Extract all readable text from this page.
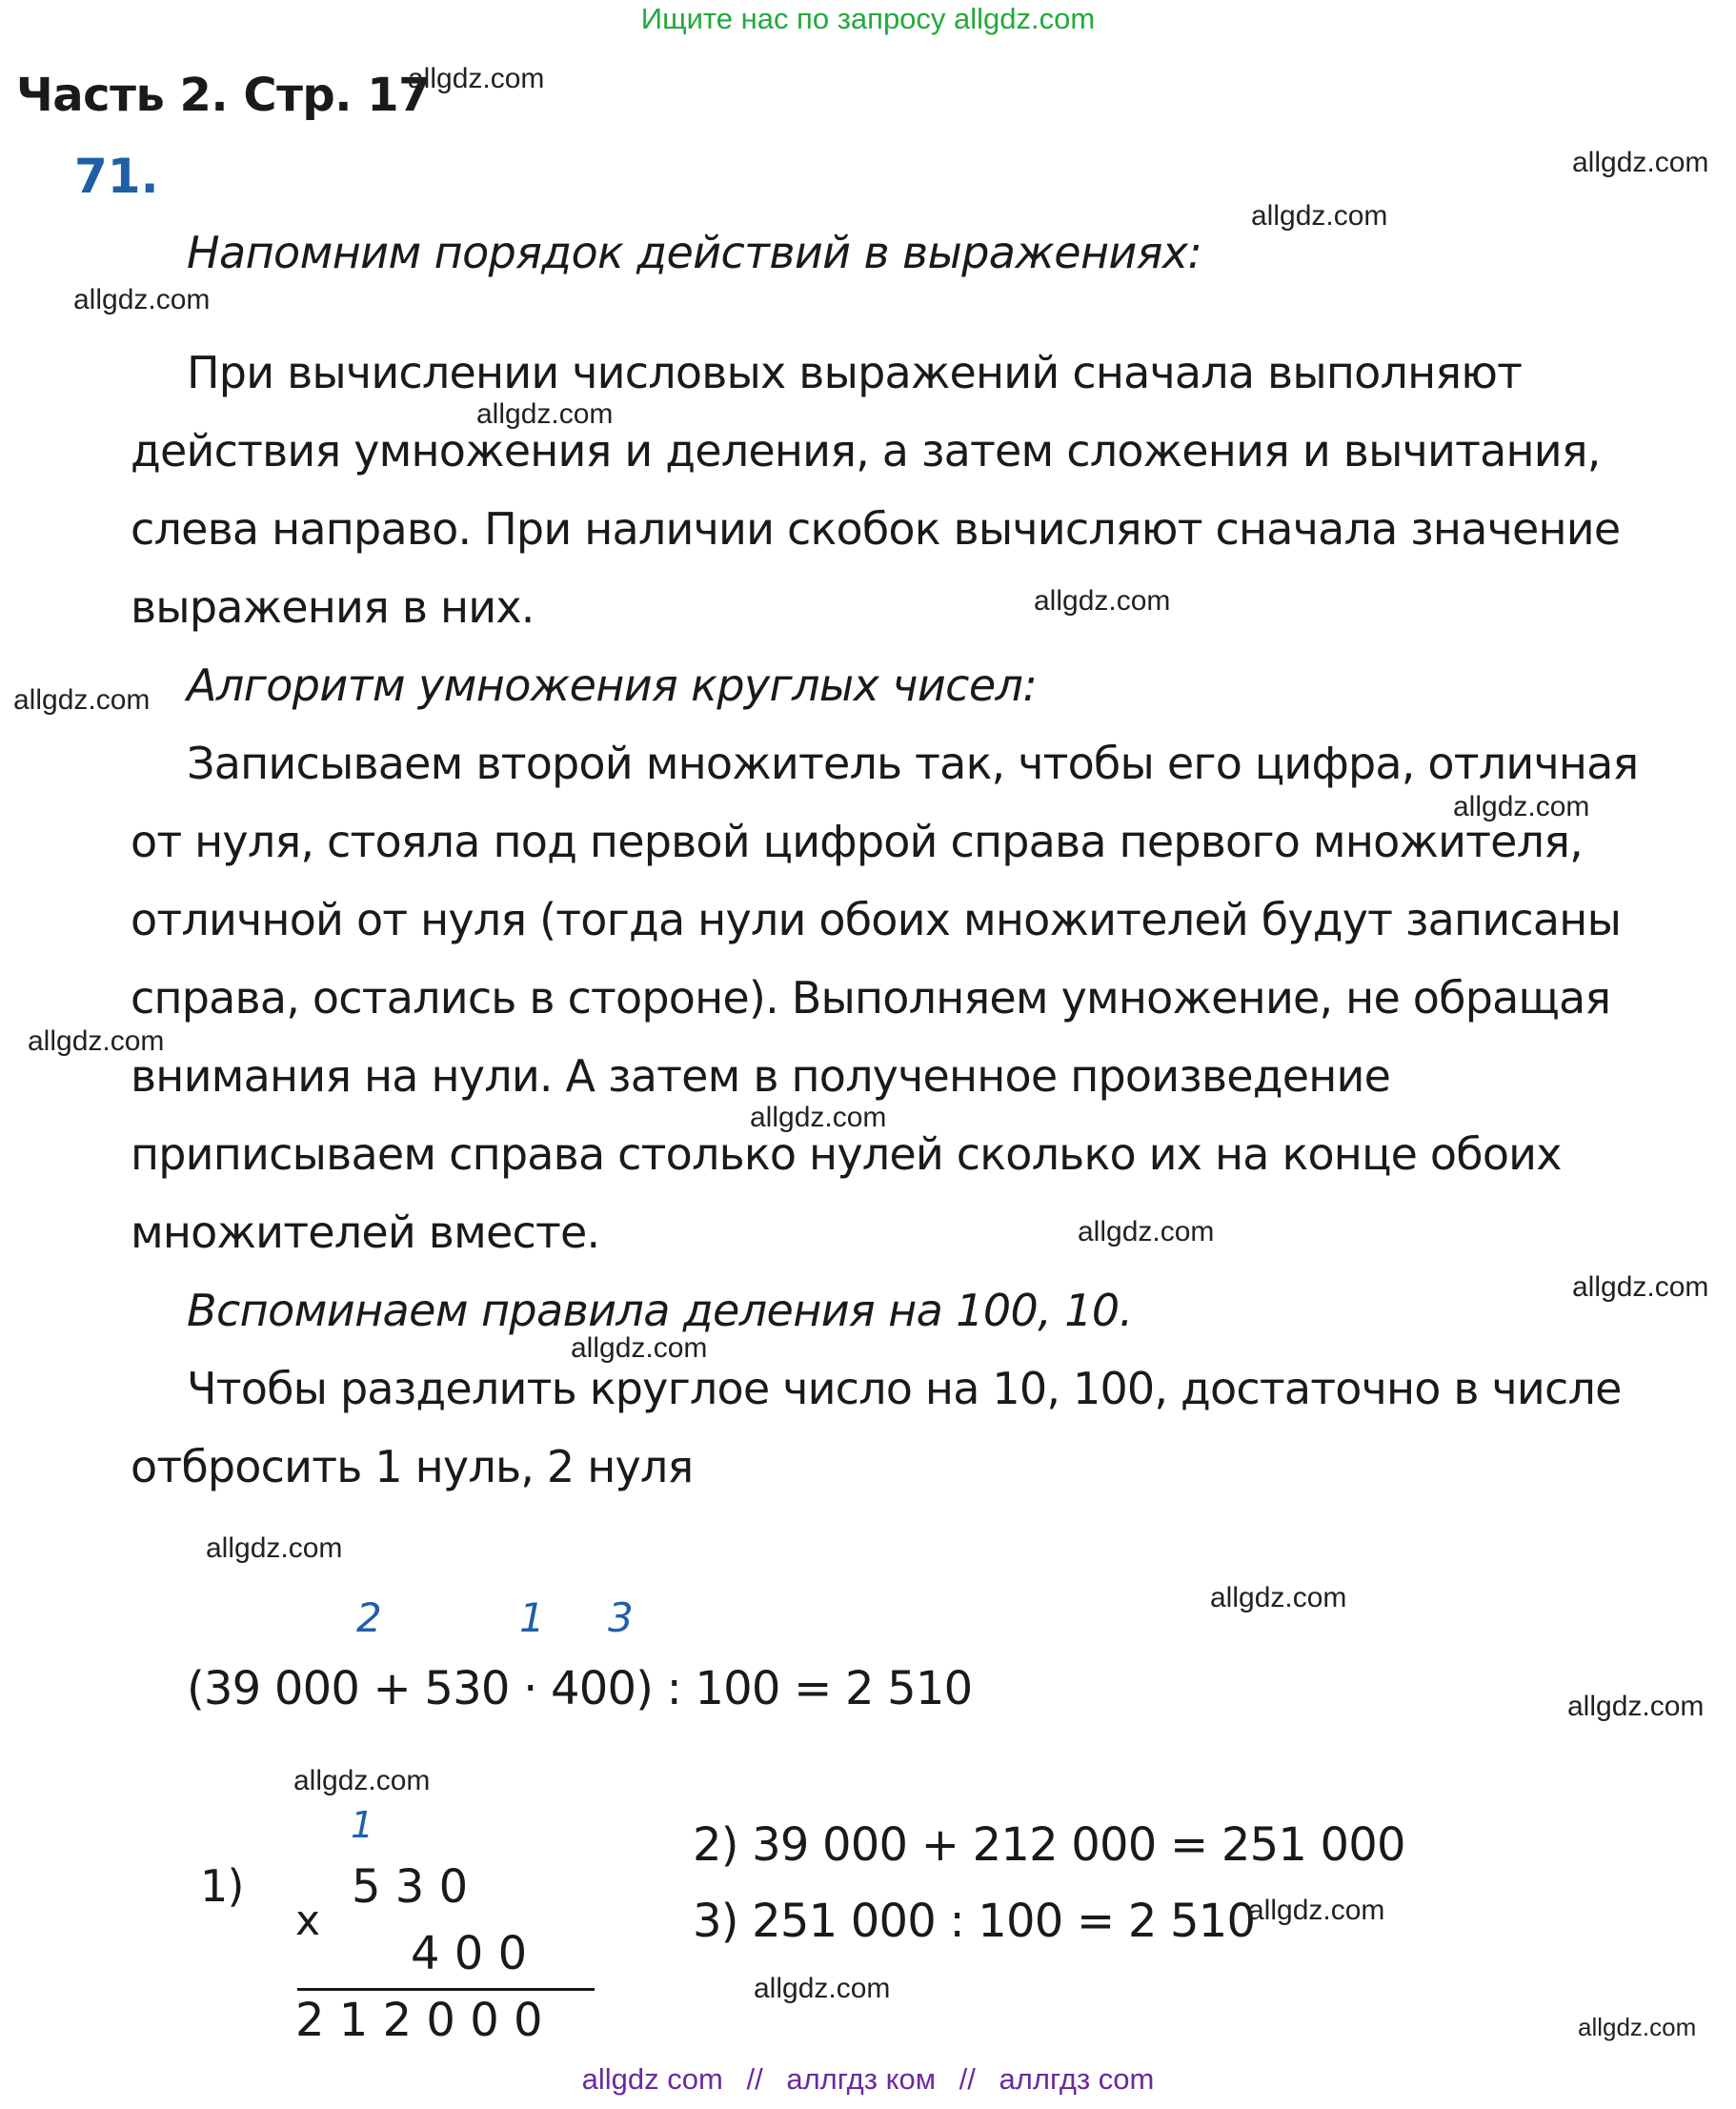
Ищите нас по запросу allgdz.com
Часть 2. Стр. 17
71.
Напомним порядок действий в выражениях:
При вычислении числовых выражений сначала выполняют
действия умножения и деления, а затем сложения и вычитания,
слева направо. При наличии скобок вычисляют сначала значение
выражения в них.
Алгоритм умножения круглых чисел:
Записываем второй множитель так, чтобы его цифра, отличная
от нуля, стояла под первой цифрой справа первого множителя,
отличной от нуля (тогда нули обоих множителей будут записаны
справа, остались в стороне). Выполняем умножение, не обращая
внимания на нули. А затем в полученное произведение
приписываем справа столько нулей сколько их на конце обоих
множителей вместе.
Вспоминаем правила деления на 100, 10.
Чтобы разделить круглое число на 10, 100, достаточно в числе
отбросить 1 нуль, 2 нуля
2	1 3
(39 000 + 530 · 400) : 100 = 2 510
1)
1
5 3 0
x
4 0 0
2 1 2 0 0 0
2) 39 000 + 212 000 = 251 000
3) 251 000 : 100 = 2 510
allgdz.com
allgdz.com
allgdz.com
allgdz.com
allgdz.com
allgdz.com
allgdz.com
allgdz.com
allgdz.com
allgdz.com
allgdz.com
allgdz.com
allgdz.com
allgdz.com
allgdz.com
allgdz.com
allgdz.com
allgdz.com
allgdz.com
allgdz.com
allgdz com // аллгдз ком // аллгдз com
